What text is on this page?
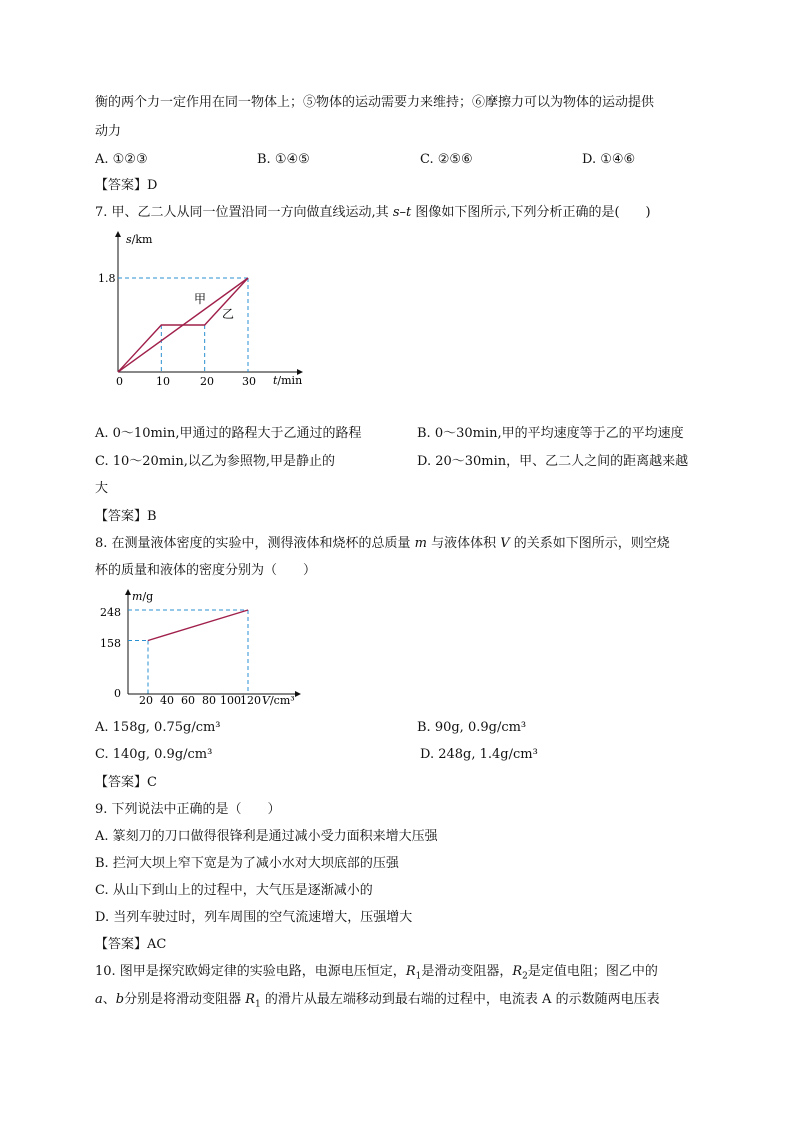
衡的两个力一定作用在同一物体上；⑤物体的运动需要力来维持；⑥摩擦力可以为物体的运动提供
动力
A. ①②③	B. ①④⑤	C. ②⑤⑥	D. ①④⑥
【答案】D
7. 甲、乙二人从同一位置沿同一方向做直线运动,其 s–t 图像如下图所示,下列分析正确的是(　　)
s/km
t/min
1.8
0	10	20	30
甲
乙
A. 0～10min,甲通过的路程大于乙通过的路程	B. 0～30min,甲的平均速度等于乙的平均速度
C. 10～20min,以乙为参照物,甲是静止的	D. 20～30min，甲、乙二人之间的距离越来越
大
【答案】B
8. 在测量液体密度的实验中，测得液体和烧杯的总质量 m 与液体体积 V 的关系如下图所示，则空烧
杯的质量和液体的密度分别为（　　）
m/g
V/cm³
248
158
0
20 40 60 80 100 120
A. 158g, 0.75g/cm³	B. 90g, 0.9g/cm³
C. 140g, 0.9g/cm³	D. 248g, 1.4g/cm³
【答案】C
9. 下列说法中正确的是（　　）
A. 篆刻刀的刀口做得很锋利是通过减小受力面积来增大压强
B. 拦河大坝上窄下宽是为了减小水对大坝底部的压强
C. 从山下到山上的过程中，大气压是逐渐减小的
D. 当列车驶过时，列车周围的空气流速增大，压强增大
【答案】AC
10. 图甲是探究欧姆定律的实验电路，电源电压恒定，$R_1$是滑动变阻器，$R_2$是定值电阻；图乙中的
a、b分别是将滑动变阻器 $R_1$ 的滑片从最左端移动到最右端的过程中，电流表 A 的示数随两电压表
